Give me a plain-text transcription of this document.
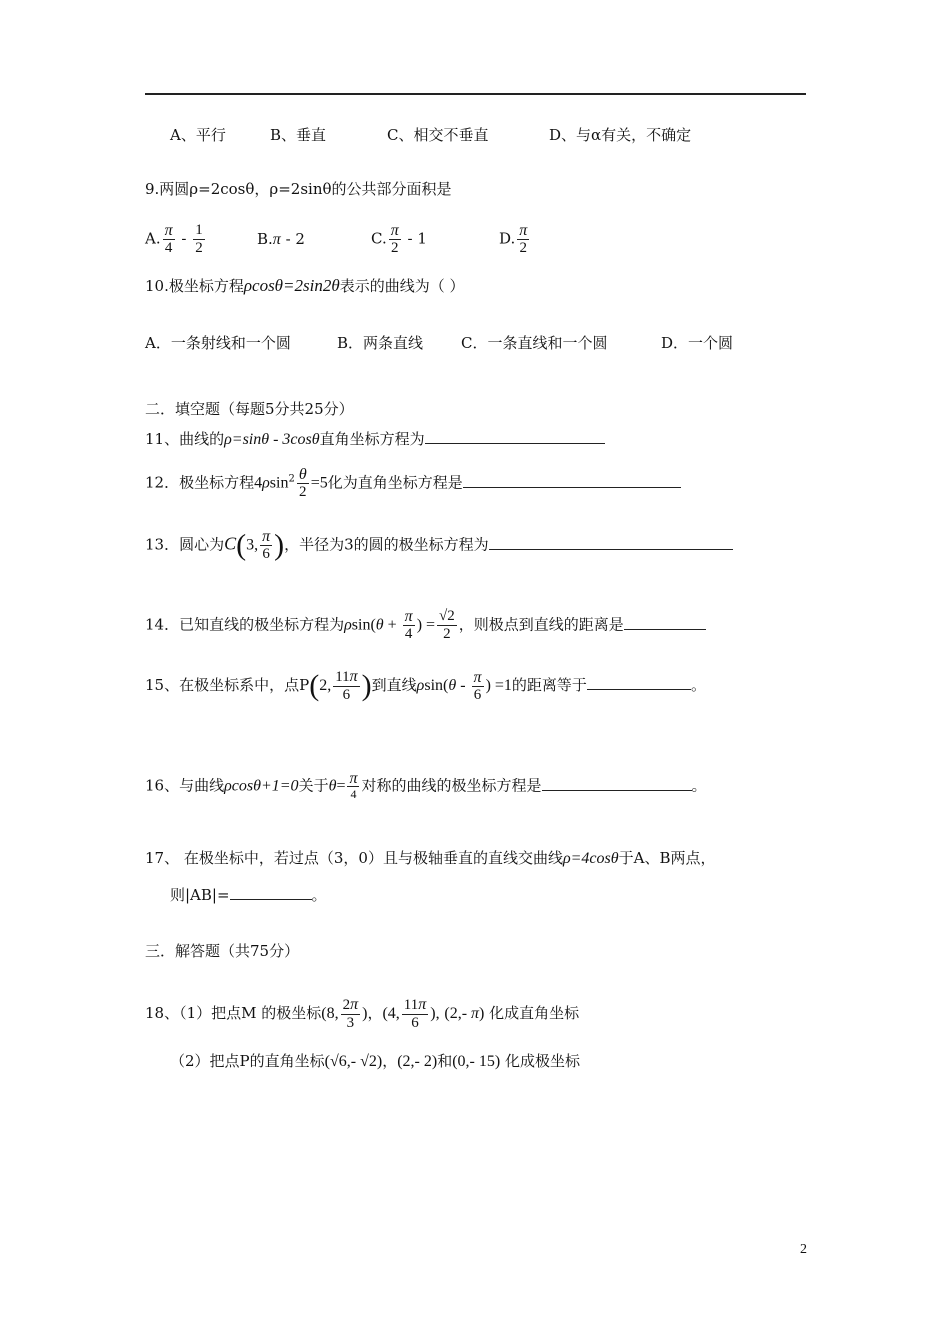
A、平行	B、垂直	C、相交不垂直	D、与α有关，不确定
9.两圆ρ=2cosθ，ρ=2sinθ的公共部分面积是
A. $\frac{\pi}{4} - \frac{1}{2}$	B.π - 2	C. $\frac{\pi}{2} - 1$	D. $\frac{\pi}{2}$
10.极坐标方程ρcosθ=2sin2θ表示的曲线为（ ）
A．一条射线和一个圆	B．两条直线	C．一条直线和一个圆	D．一个圆
二．填空题（每题5分共25分）
11、曲线的ρ=sinθ - 3cosθ直角坐标方程为
12．极坐标方程$4\rho\sin^2 \frac{\theta}{2} =5$化为直角坐标方程是
13．圆心为C(3, $\frac{\pi}{6}$ )，半径为3的圆的极坐标方程为
14．已知直线的极坐标方程为$\rho\sin(\theta + \frac{\pi}{4}$ ) = $\frac{√2}{2}$ ，则极点到直线的距离是
15、在极坐标系中，点P(2, $\frac{11\pi}{6}$ )到直线$\rho\sin(\theta - \frac{\pi}{6}$ ) =1的距离等于	。
16、与曲线ρcosθ+1=0关于$\theta= \frac{\pi}{4}$ 对称的曲线的极坐标方程是	。
17、 在极坐标中，若过点（3，0）且与极轴垂直的直线交曲线ρ=4cosθ于A、B两点，
则|AB|=	。
三．解答题（共75分）
18、（1）把点M 的极坐标(8, $\frac{2\pi}{3}$ )，(4, $\frac{11\pi}{6}$ ), (2,- π) 化成直角坐标
（2）把点P的直角坐标(√6,- √2)，(2,- 2)和(0,- 15) 化成极坐标
2
